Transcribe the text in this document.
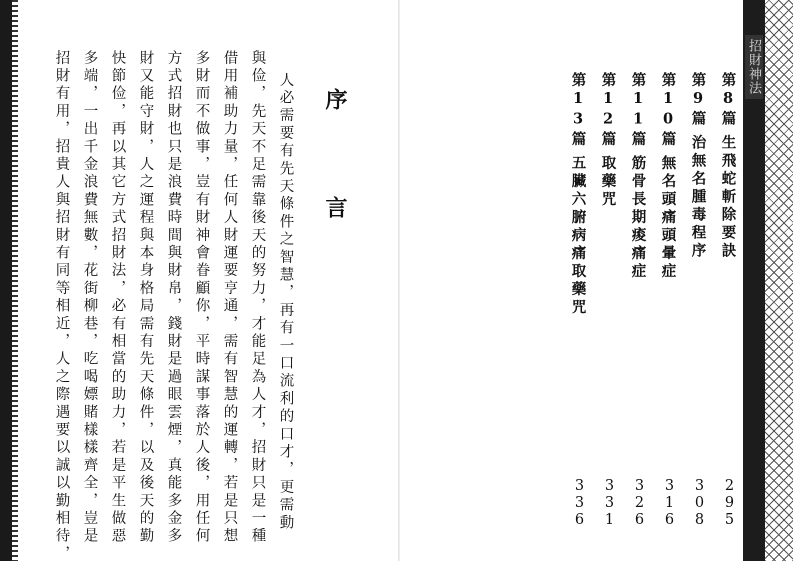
序 言
人必需要有先天條件之智慧，再有一口流利的口才，更需動
與俭，先天不足需靠後天的努力，才能足為人才，招財只是一種
借用補助力量，任何人財運要亨通，需有智慧的運轉，若是只想
多財而不做事，豈有財神會眷顧你，平時謀事落於人後，用任何
方式招財也只是浪費時間與財帛，錢財是過眼雲煙，真能多金多
財又能守財，人之運程與本身格局需有先天條件，以及後天的勤
快節俭，再以其它方式招財法，必有相當的助力，若是平生做惡
多端，一出千金浪費無數，花街柳巷，吃喝嫖賭樣樣齊全，豈是
招財有用，招貴人與招財有同等相近，人之際遇要以誠以勤相待，	第8篇生飛蛇斬除要訣
295
第9篇治無名腫毒程序
308
第10篇無名頭痛頭暈症
316
第11篇筋骨長期痠痛症
326
第12篇取藥咒
331
第13篇五臟六腑病痛取藥咒
336
招財神法
